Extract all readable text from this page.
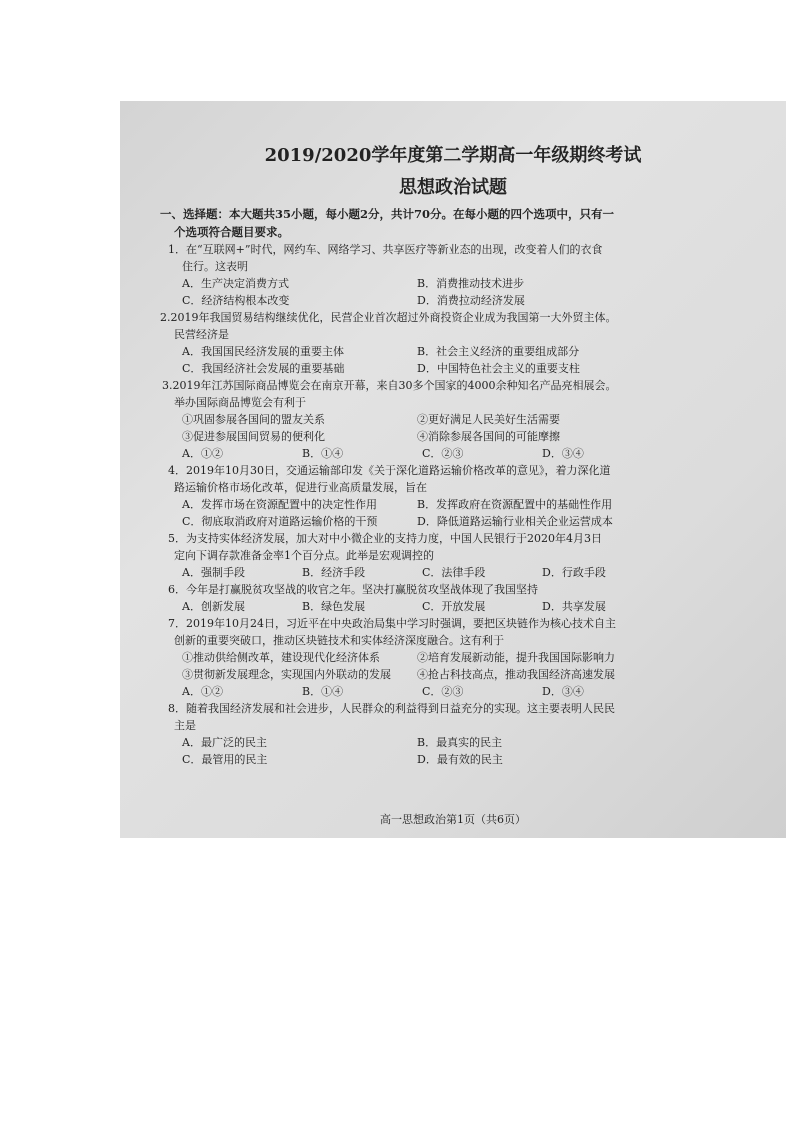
2019/2020学年度第二学期高一年级期终考试

思想政治试题

一、选择题：本大题共35小题，每小题2分，共计70分。在每小题的四个选项中，只有一

个选项符合题目要求。

1．在“互联网+”时代，网约车、网络学习、共享医疗等新业态的出现，改变着人们的衣食

住行。这表明

A．生产决定消费方式	B．消费推动技术进步
C．经济结构根本改变	D．消费拉动经济发展

2.2019年我国贸易结构继续优化，民营企业首次超过外商投资企业成为我国第一大外贸主体。

民营经济是

A．我国国民经济发展的重要主体	B．社会主义经济的重要组成部分
C．我国经济社会发展的重要基础	D．中国特色社会主义的重要支柱

3.2019年江苏国际商品博览会在南京开幕，来自30多个国家的4000余种知名产品亮相展会。

举办国际商品博览会有利于

①巩固参展各国间的盟友关系	②更好满足人民美好生活需要
③促进参展国间贸易的便利化	④消除参展各国间的可能摩擦
A．①②	B．①④	C．②③	D．③④

4．2019年10月30日，交通运输部印发《关于深化道路运输价格改革的意见》，着力深化道

路运输价格市场化改革，促进行业高质量发展，旨在

A．发挥市场在资源配置中的决定性作用	B．发挥政府在资源配置中的基础性作用
C．彻底取消政府对道路运输价格的干预	D．降低道路运输行业相关企业运营成本

5．为支持实体经济发展，加大对中小微企业的支持力度，中国人民银行于2020年4月3日

定向下调存款准备金率1个百分点。此举是宏观调控的

A．强制手段	B．经济手段	C．法律手段	D．行政手段

6．今年是打赢脱贫攻坚战的收官之年。坚决打赢脱贫攻坚战体现了我国坚持

A．创新发展	B．绿色发展	C．开放发展	D．共享发展

7．2019年10月24日，习近平在中央政治局集中学习时强调，要把区块链作为核心技术自主

创新的重要突破口，推动区块链技术和实体经济深度融合。这有利于

①推动供给侧改革，建设现代化经济体系	②培育发展新动能，提升我国国际影响力
③贯彻新发展理念，实现国内外联动的发展	④抢占科技高点，推动我国经济高速发展
A．①②	B．①④	C．②③	D．③④

8．随着我国经济发展和社会进步，人民群众的利益得到日益充分的实现。这主要表明人民民

主是

A．最广泛的民主	B．最真实的民主
C．最管用的民主	D．最有效的民主
高一思想政治第1页（共6页）
